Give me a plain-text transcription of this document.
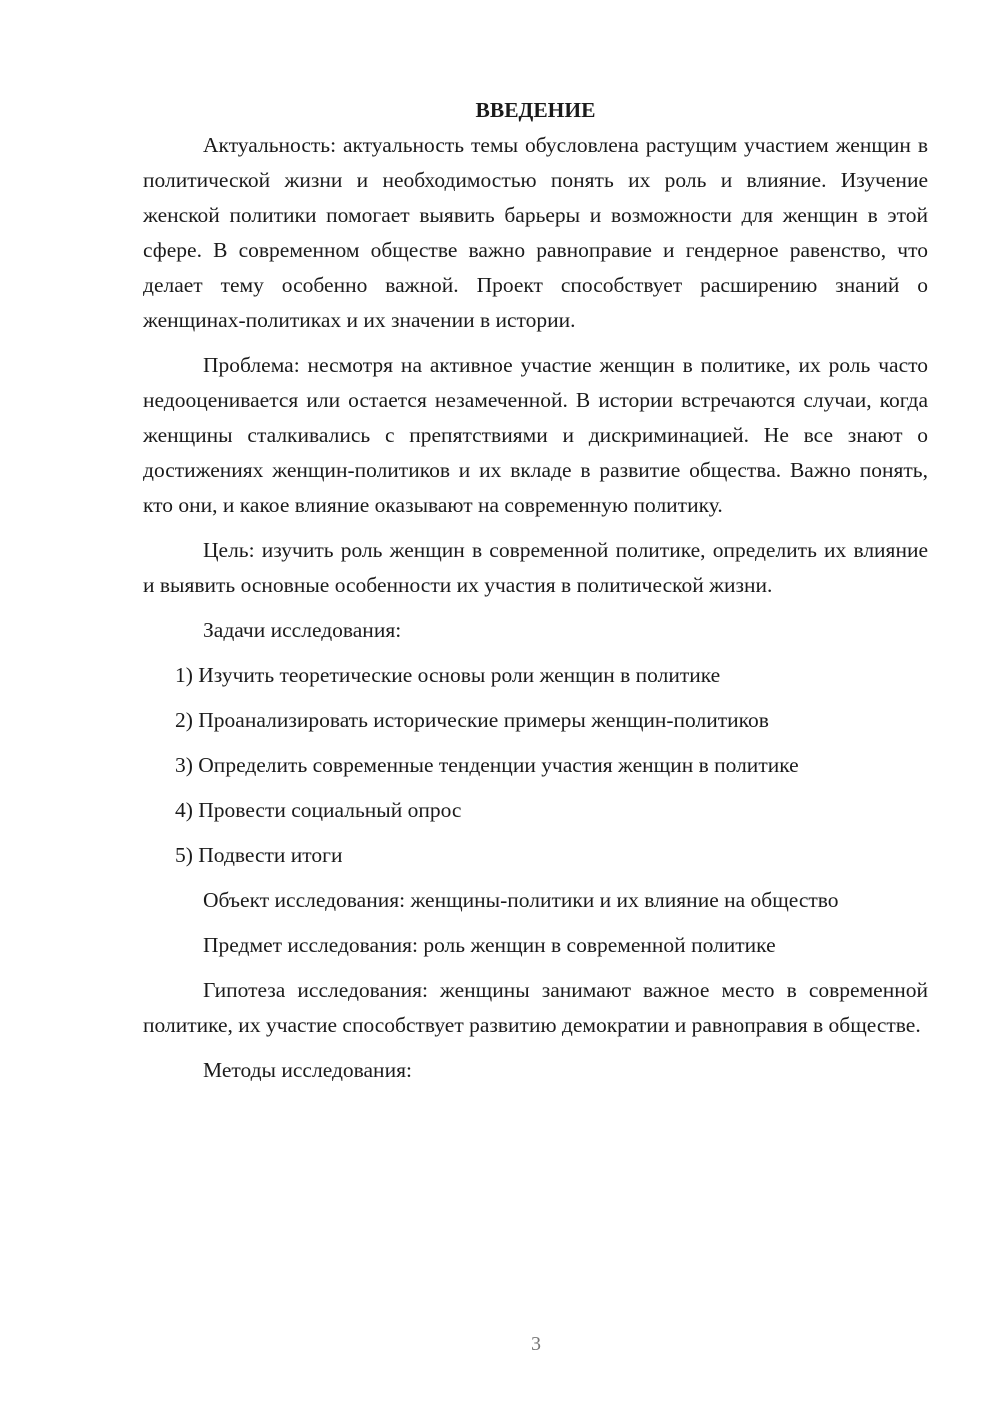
ВВЕДЕНИЕ

Актуальность: актуальность темы обусловлена растущим участием женщин в политической жизни и необходимостью понять их роль и влияние. Изучение женской политики помогает выявить барьеры и возможности для женщин в этой сфере. В современном обществе важно равноправие и гендерное равенство, что делает тему особенно важной. Проект способствует расширению знаний о женщинах-политиках и их значении в истории.

Проблема: несмотря на активное участие женщин в политике, их роль часто недооценивается или остается незамеченной. В истории встречаются случаи, когда женщины сталкивались с препятствиями и дискриминацией. Не все знают о достижениях женщин-политиков и их вкладе в развитие общества. Важно понять, кто они, и какое влияние оказывают на современную политику.

Цель: изучить роль женщин в современной политике, определить их влияние и выявить основные особенности их участия в политической жизни.

Задачи исследования:

1) Изучить теоретические основы роли женщин в политике

2) Проанализировать исторические примеры женщин-политиков

3) Определить современные тенденции участия женщин в политике

4) Провести социальный опрос

5) Подвести итоги

Объект исследования: женщины-политики и их влияние на общество

Предмет исследования: роль женщин в современной политике

Гипотеза исследования: женщины занимают важное место в современной политике, их участие способствует развитию демократии и равноправия в обществе.

Методы исследования:

3
